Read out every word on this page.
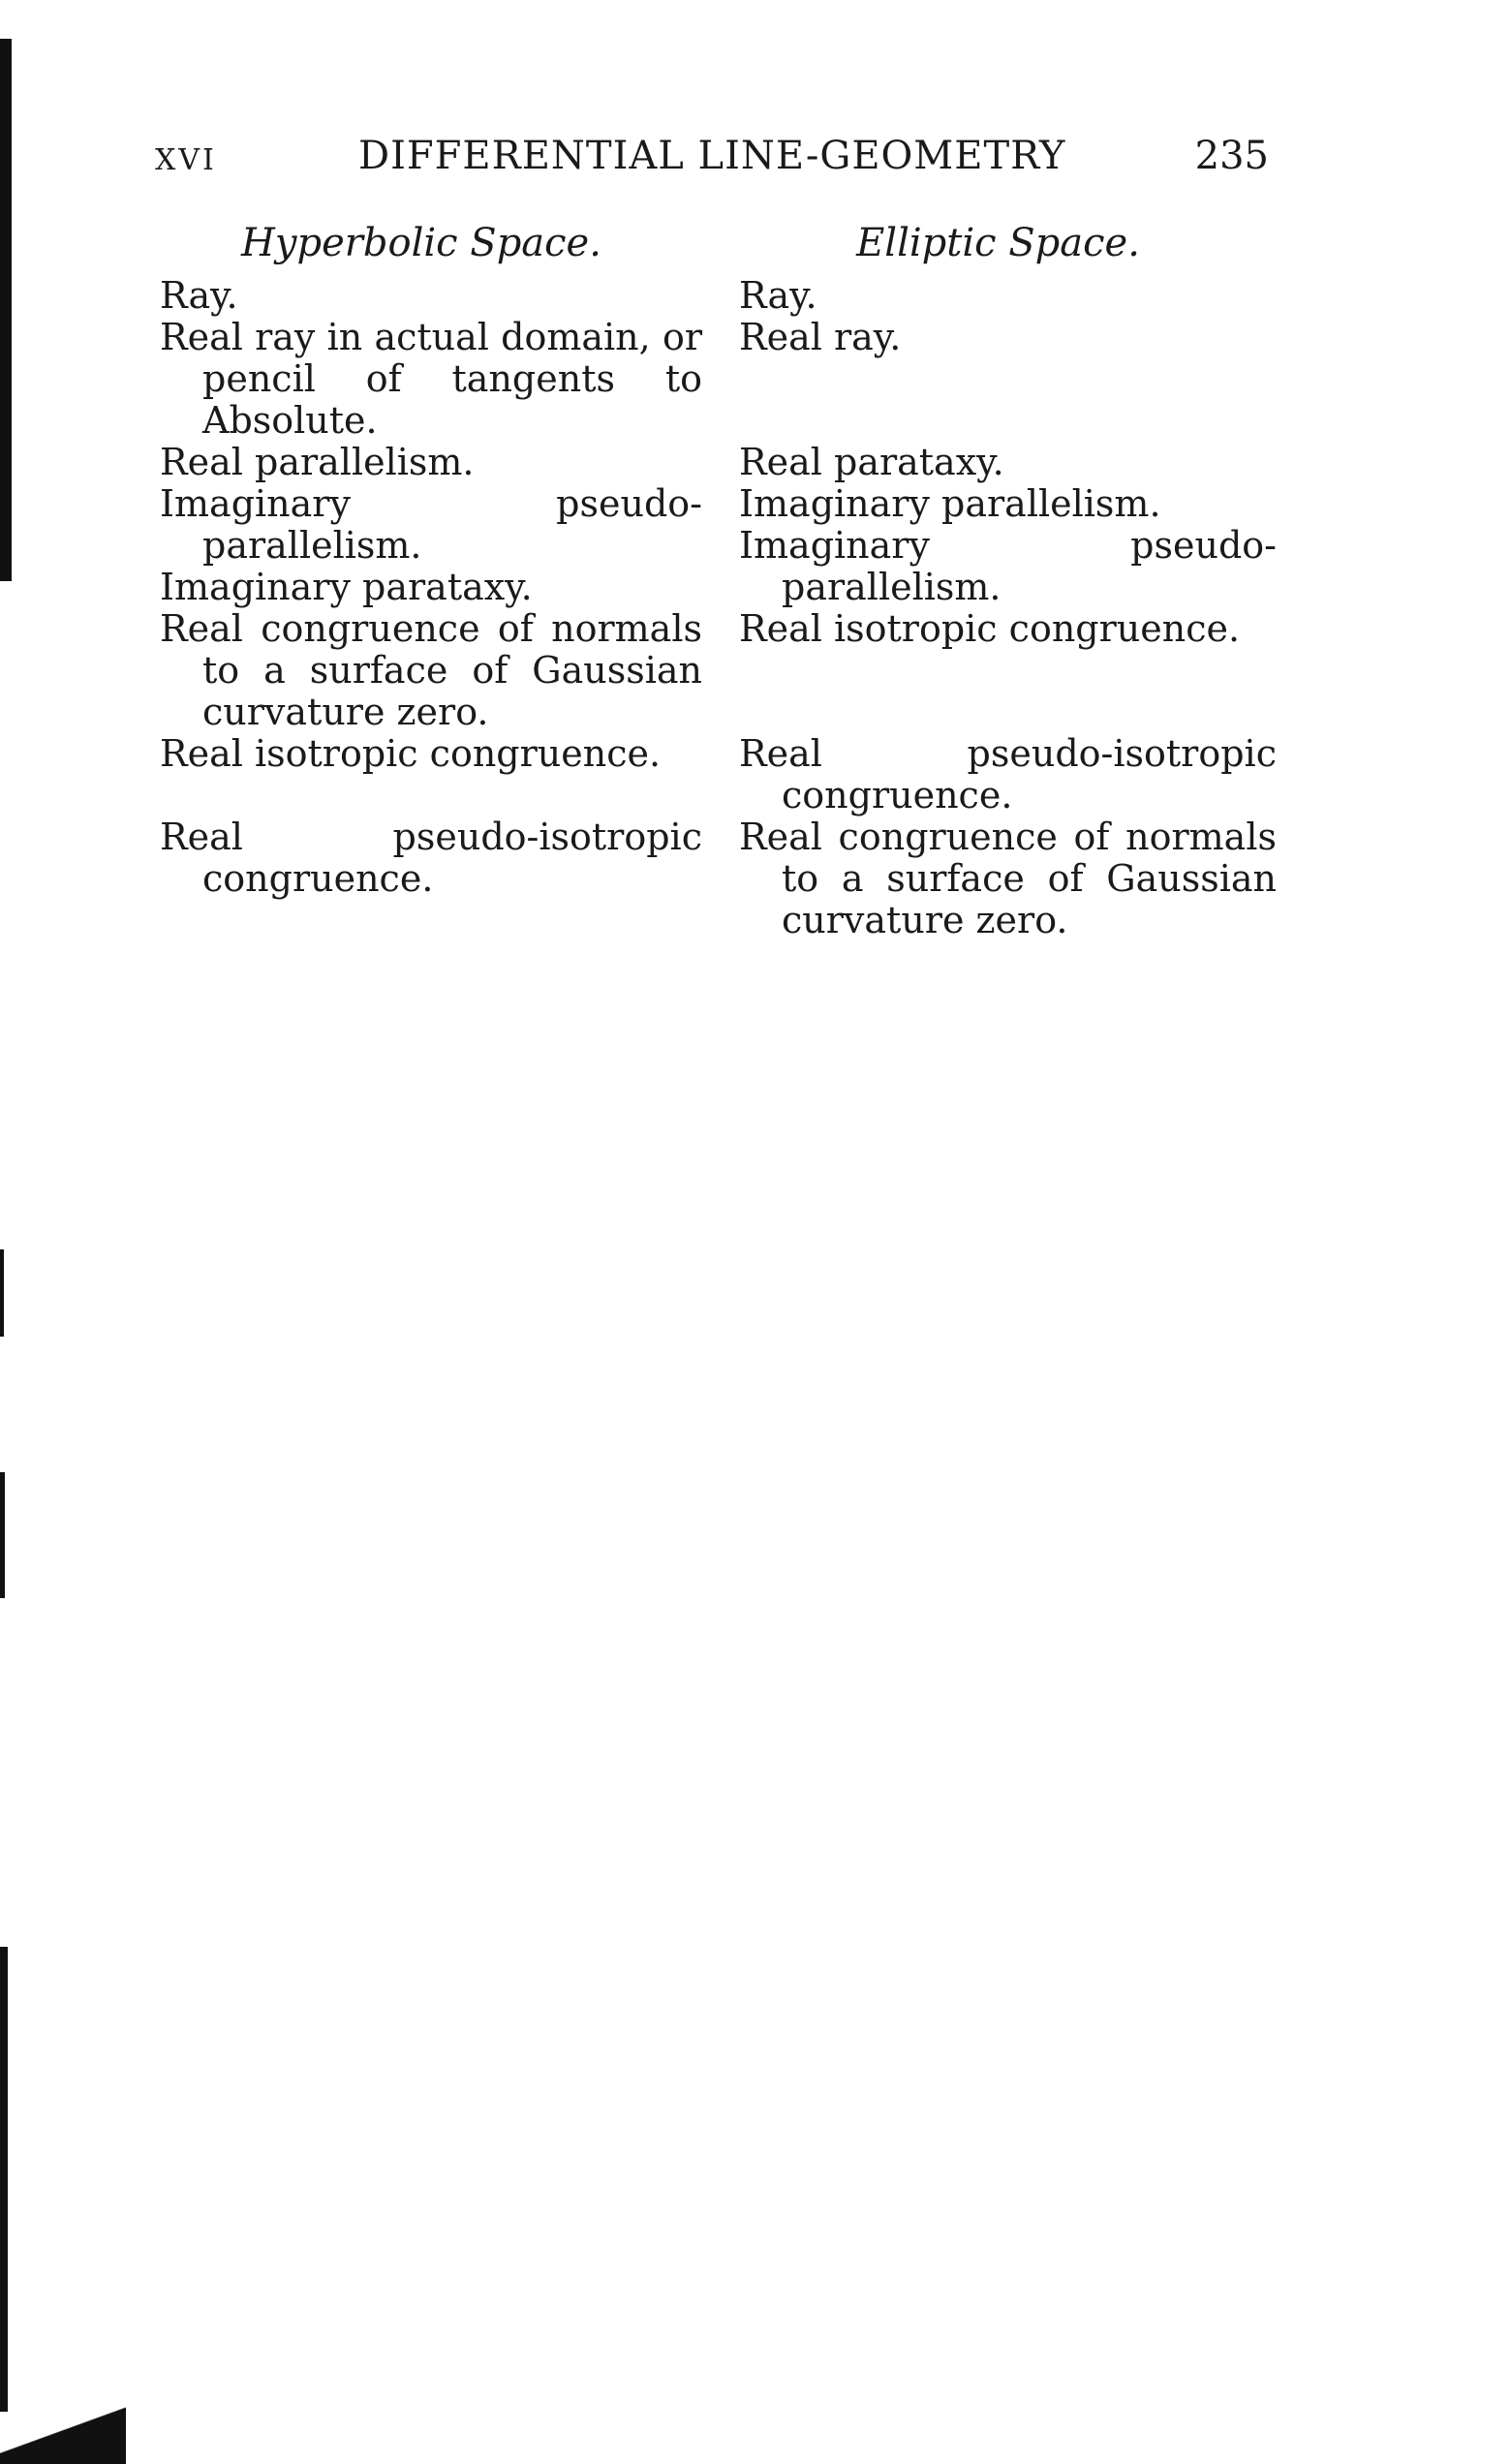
XVI	DIFFERENTIAL LINE-GEOMETRY	235
Hyperbolic Space.

Ray.

Real ray in actual domain, or pencil of tangents to Absolute.

Real parallelism.

Imaginary pseudo-parallelism.

Imaginary parataxy.

Real congruence of normals to a surface of Gaussian curvature zero.

Real isotropic congruence.

Real pseudo-isotropic congruence.

Elliptic Space.

Ray.

Real ray.

Real parataxy.

Imaginary parallelism.

Imaginary pseudo-parallelism.

Real isotropic congruence.

Real pseudo-isotropic congruence.

Real congruence of normals to a surface of Gaussian curvature zero.
